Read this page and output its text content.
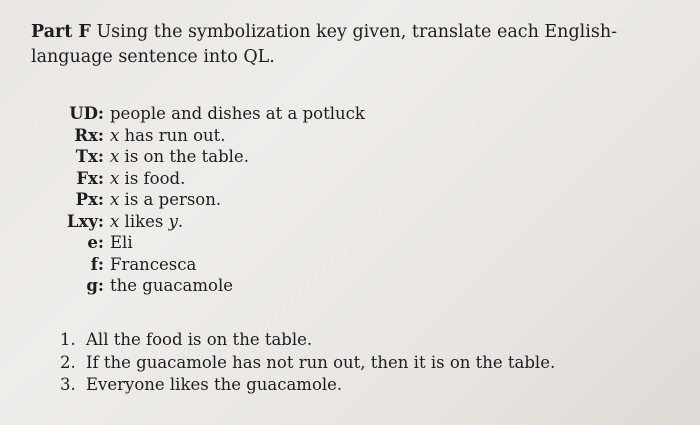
Part F Using the symbolization key given, translate each English-language sentence into QL.
UD: people and dishes at a potluck
Rx: x has run out.
Tx: x is on the table.
Fx: x is food.
Px: x is a person.
Lxy: x likes y.
e: Eli
f: Francesca
g: the guacamole
1. All the food is on the table.
2. If the guacamole has not run out, then it is on the table.
3. Everyone likes the guacamole.
